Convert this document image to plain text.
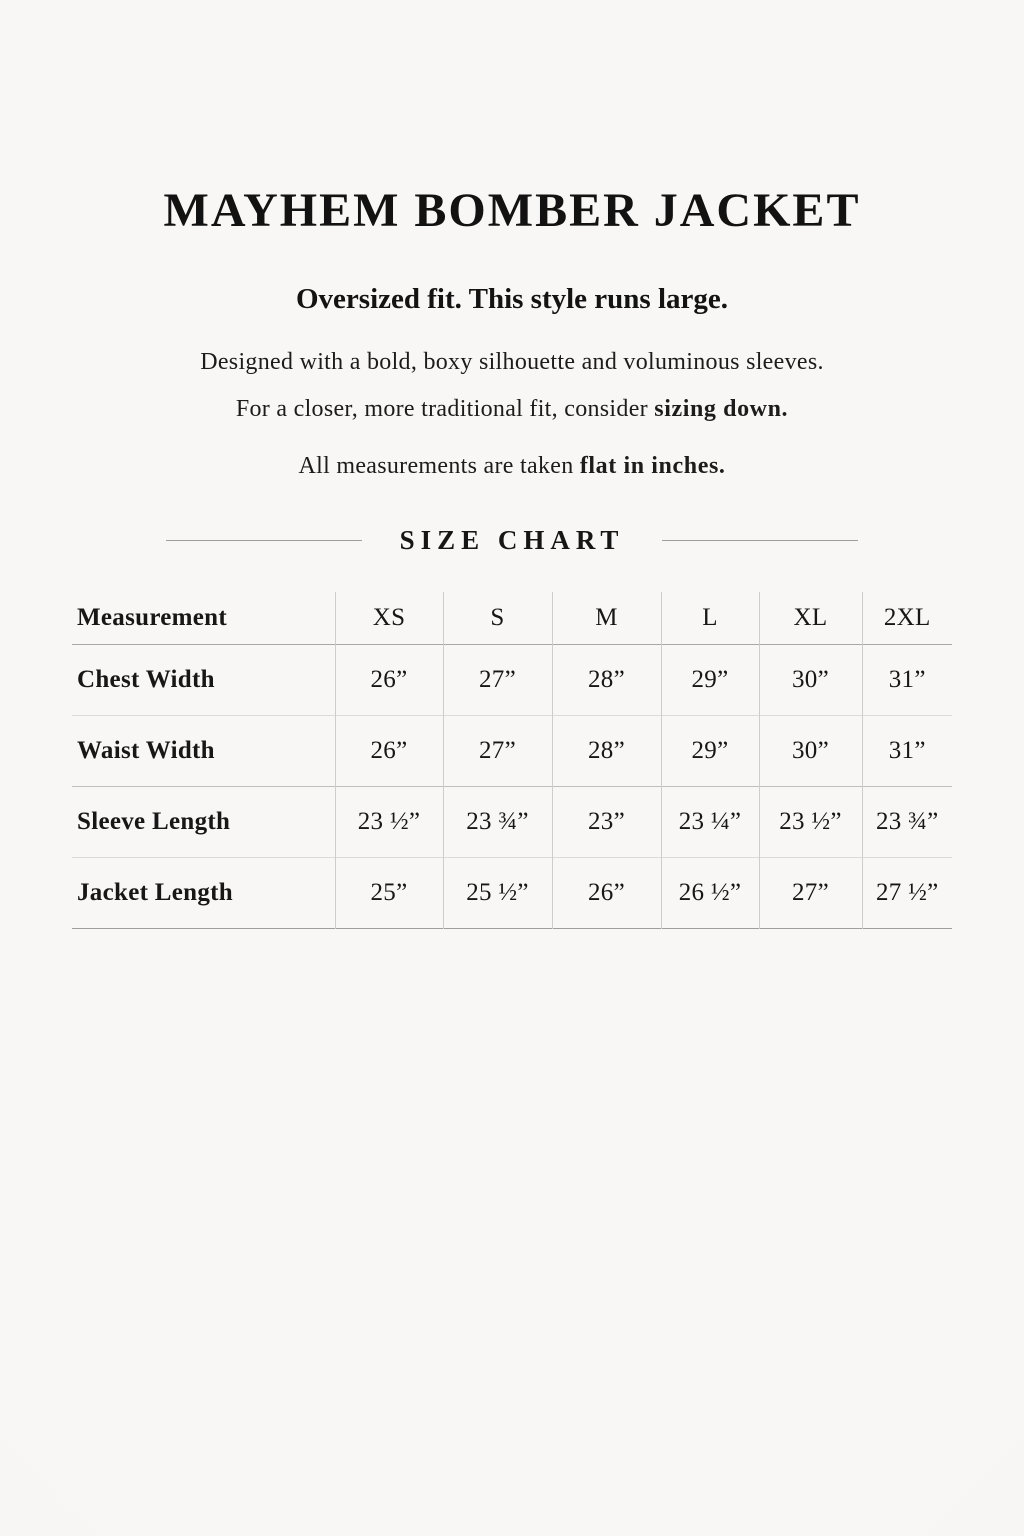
MAYHEM BOMBER JACKET
Oversized fit. This style runs large.

Designed with a bold, boxy silhouette and voluminous sleeves.

For a closer, more traditional fit, consider sizing down.

All measurements are taken flat in inches.

SIZE CHART
Measurement	XS	S	M	L	XL	2XL
Chest Width	26”	27”	28”	29”	30”	31”
Waist Width	26”	27”	28”	29”	30”	31”
Sleeve Length	23 ½”	23 ¾”	23”	23 ¼”	23 ½”	23 ¾”
Jacket Length	25”	25 ½”	26”	26 ½”	27”	27 ½”
